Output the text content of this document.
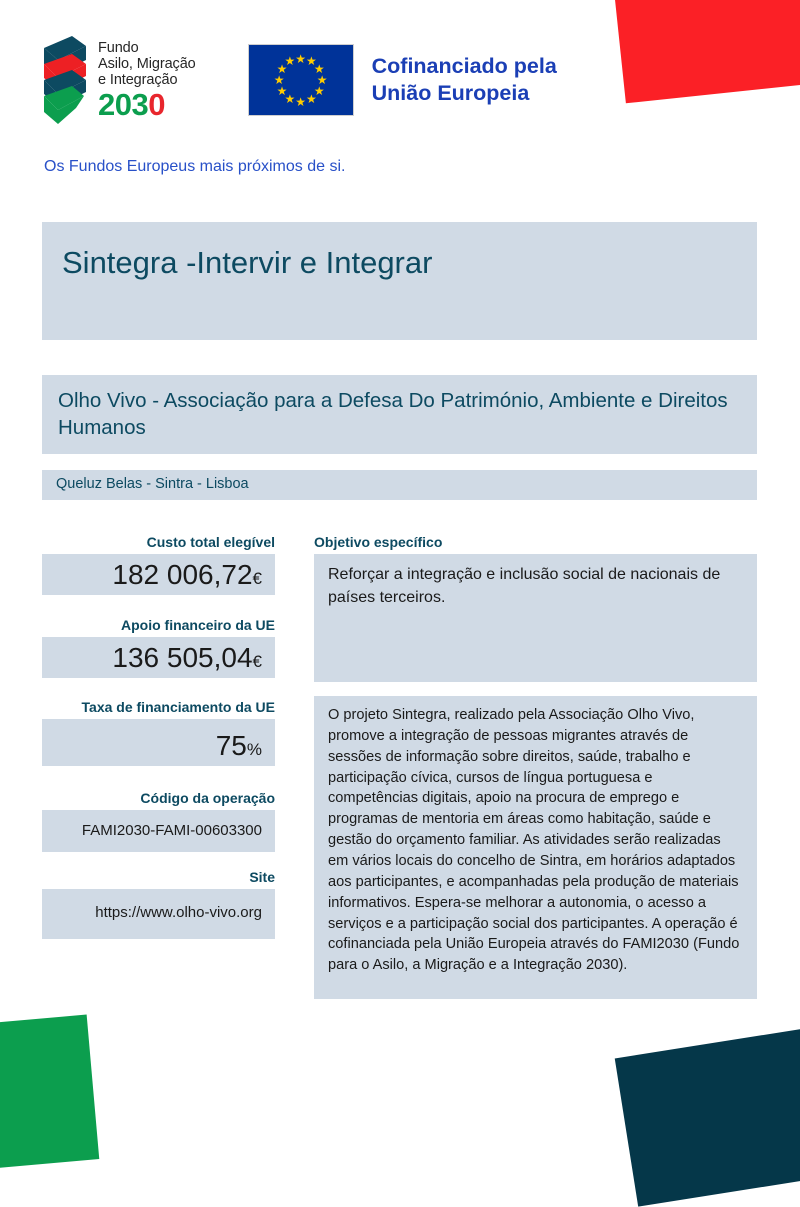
Fundo
Asilo, Migração
e Integração
2030
★ ★
★
★
★
★
★
★
★
★
★
★	Cofinanciado pela
União Europeia
Os Fundos Europeus mais próximos de si.
Sintegra -Intervir e Integrar
Olho Vivo - Associação para a Defesa Do Património, Ambiente e Direitos Humanos
Queluz Belas - Sintra - Lisboa
Custo total elegível
182 006,72€
Apoio financeiro da UE
136 505,04€
Taxa de financiamento da UE
75%
Código da operação
FAMI2030-FAMI-00603300
Site
https://www.olho-vivo.org
Objetivo específico
Reforçar a integração e inclusão social de nacionais de países terceiros.
O projeto Sintegra, realizado pela Associação Olho Vivo, promove a integração de pessoas migrantes através de sessões de informação sobre direitos, saúde, trabalho e participação cívica, cursos de língua portuguesa e competências digitais, apoio na procura de emprego e programas de mentoria em áreas como habitação, saúde e gestão do orçamento familiar. As atividades serão realizadas em vários locais do concelho de Sintra, em horários adaptados aos participantes, e acompanhadas pela produção de materiais informativos. Espera-se melhorar a autonomia, o acesso a serviços e a participação social dos participantes. A operação é cofinanciada pela União Europeia através do FAMI2030 (Fundo para o Asilo, a Migração e a Integração 2030).
